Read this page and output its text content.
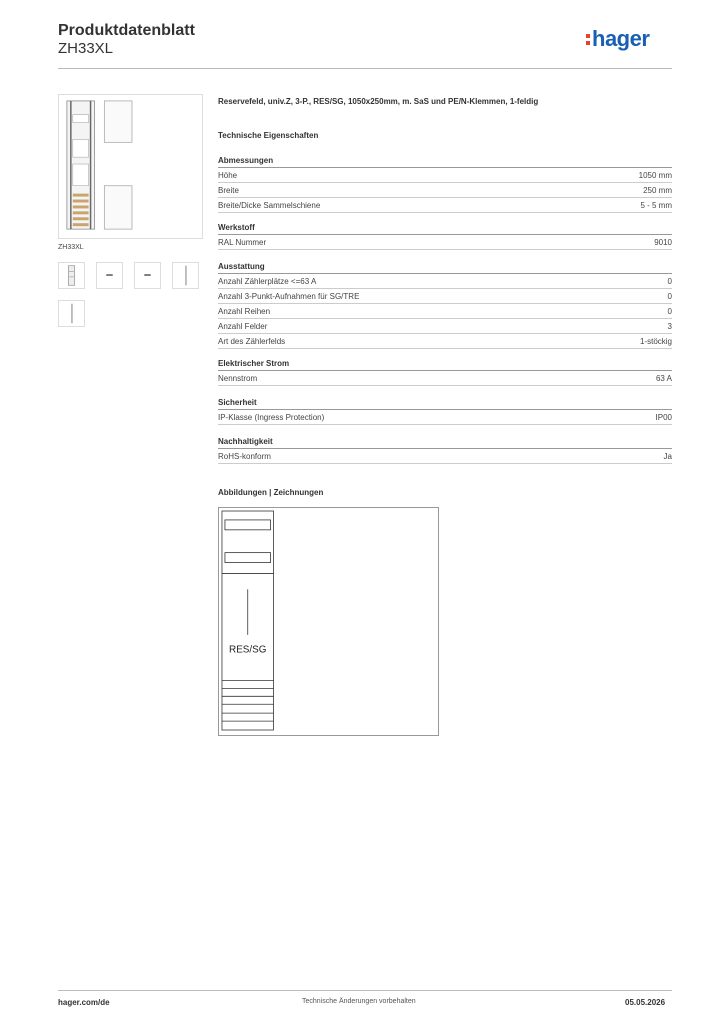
Produktdatenblatt
ZH33XL	hager
ZH33XL
Reservefeld, univ.Z, 3-P., RES/SG, 1050x250mm, m. SaS und PE/N-Klemmen, 1-feldig
Technische Eigenschaften
Abmessungen
Höhe	1050 mm
Breite	250 mm
Breite/Dicke Sammelschiene	5 - 5 mm
Werkstoff
RAL Nummer	9010
Ausstattung
Anzahl Zählerplätze <=63 A	0
Anzahl 3-Punkt-Aufnahmen für SG/TRE	0
Anzahl Reihen	0
Anzahl Felder	3
Art des Zählerfelds	1-stöckig
Elektrischer Strom
Nennstrom	63 A
Sicherheit
IP-Klasse (Ingress Protection)	IP00
Nachhaltigkeit
RoHS-konform	Ja
Abbildungen | Zeichnungen
RES/SG
hager.com/de	Technische Änderungen vorbehalten	05.05.2026
